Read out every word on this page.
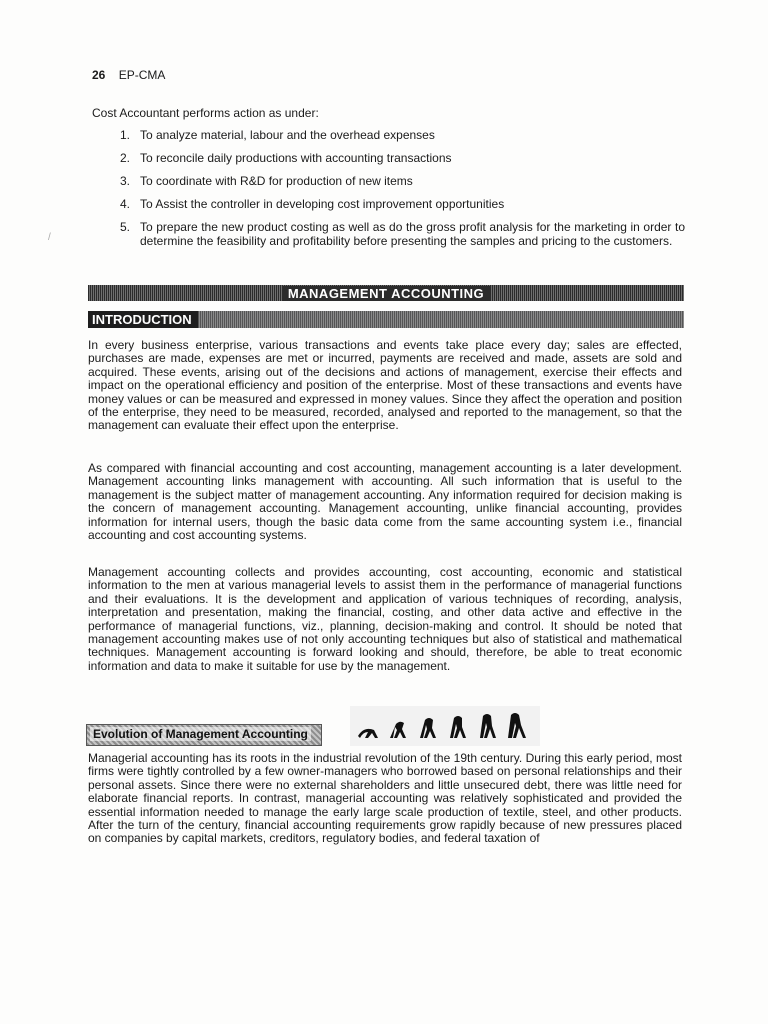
26 EP-CMA
Cost Accountant performs action as under:
1. To analyze material, labour and the overhead expenses
2. To reconcile daily productions with accounting transactions
3. To coordinate with R&D for production of new items
4. To Assist the controller in developing cost improvement opportunities
5. To prepare the new product costing as well as do the gross profit analysis for the marketing in order to determine the feasibility and profitability before presenting the samples and pricing to the customers.
MANAGEMENT ACCOUNTING
INTRODUCTION

In every business enterprise, various transactions and events take place every day; sales are effected, purchases are made, expenses are met or incurred, payments are received and made, assets are sold and acquired. These events, arising out of the decisions and actions of management, exercise their effects and impact on the operational efficiency and position of the enterprise. Most of these transactions and events have money values or can be measured and expressed in money values. Since they affect the operation and position of the enterprise, they need to be measured, recorded, analysed and reported to the management, so that the management can evaluate their effect upon the enterprise.

As compared with financial accounting and cost accounting, management accounting is a later development. Management accounting links management with accounting. All such information that is useful to the management is the subject matter of management accounting. Any information required for decision making is the concern of management accounting. Management accounting, unlike financial accounting, provides information for internal users, though the basic data come from the same accounting system i.e., financial accounting and cost accounting systems.

Management accounting collects and provides accounting, cost accounting, economic and statistical information to the men at various managerial levels to assist them in the performance of managerial functions and their evaluations. It is the development and application of various techniques of recording, analysis, interpretation and presentation, making the financial, costing, and other data active and effective in the performance of managerial functions, viz., planning, decision-making and control. It should be noted that management accounting makes use of not only accounting techniques but also of statistical and mathematical techniques. Management accounting is forward looking and should, therefore, be able to treat economic information and data to make it suitable for use by the management.

Evolution of Management Accounting

Managerial accounting has its roots in the industrial revolution of the 19th century. During this early period, most firms were tightly controlled by a few owner-managers who borrowed based on personal relationships and their personal assets. Since there were no external shareholders and little unsecured debt, there was little need for elaborate financial reports. In contrast, managerial accounting was relatively sophisticated and provided the essential information needed to manage the early large scale production of textile, steel, and other products. After the turn of the century, financial accounting requirements grow rapidly because of new pressures placed on companies by capital markets, creditors, regulatory bodies, and federal taxation of

/
